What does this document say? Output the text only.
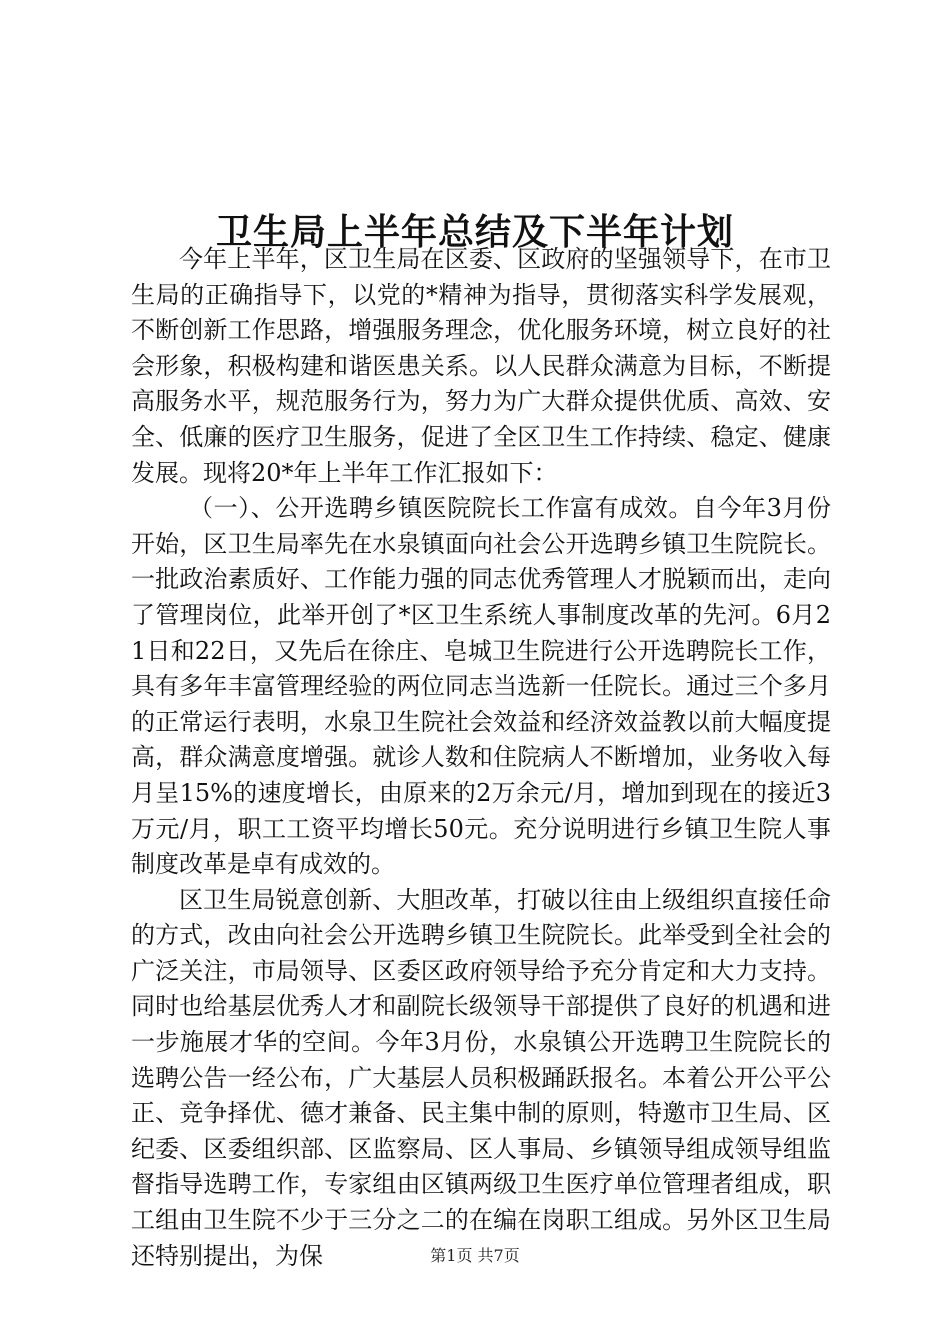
卫生局上半年总结及下半年计划

今年上半年，区卫生局在区委、区政府的坚强领导下，在市卫生局的正确指导下，以党的*精神为指导，贯彻落实科学发展观，不断创新工作思路，增强服务理念，优化服务环境，树立良好的社会形象，积极构建和谐医患关系。以人民群众满意为目标，不断提高服务水平，规范服务行为，努力为广大群众提供优质、高效、安全、低廉的医疗卫生服务，促进了全区卫生工作持续、稳定、健康发展。现将20*年上半年工作汇报如下：

（一）、公开选聘乡镇医院院长工作富有成效。自今年3月份开始，区卫生局率先在水泉镇面向社会公开选聘乡镇卫生院院长。一批政治素质好、工作能力强的同志优秀管理人才脱颖而出，走向了管理岗位，此举开创了*区卫生系统人事制度改革的先河。6月21日和22日，又先后在徐庄、皂城卫生院进行公开选聘院长工作，具有多年丰富管理经验的两位同志当选新一任院长。通过三个多月的正常运行表明，水泉卫生院社会效益和经济效益教以前大幅度提高，群众满意度增强。就诊人数和住院病人不断增加，业务收入每月呈15%的速度增长，由原来的2万余元/月，增加到现在的接近3万元/月，职工工资平均增长50元。充分说明进行乡镇卫生院人事制度改革是卓有成效的。

区卫生局锐意创新、大胆改革，打破以往由上级组织直接任命的方式，改由向社会公开选聘乡镇卫生院院长。此举受到全社会的广泛关注，市局领导、区委区政府领导给予充分肯定和大力支持。同时也给基层优秀人才和副院长级领导干部提供了良好的机遇和进一步施展才华的空间。今年3月份，水泉镇公开选聘卫生院院长的选聘公告一经公布，广大基层人员积极踊跃报名。本着公开公平公正、竞争择优、德才兼备、民主集中制的原则，特邀市卫生局、区纪委、区委组织部、区监察局、区人事局、乡镇领导组成领导组监督指导选聘工作，专家组由区镇两级卫生医疗单位管理者组成，职工组由卫生院不少于三分之二的在编在岗职工组成。另外区卫生局还特别提出，为保	第1页 共7页
